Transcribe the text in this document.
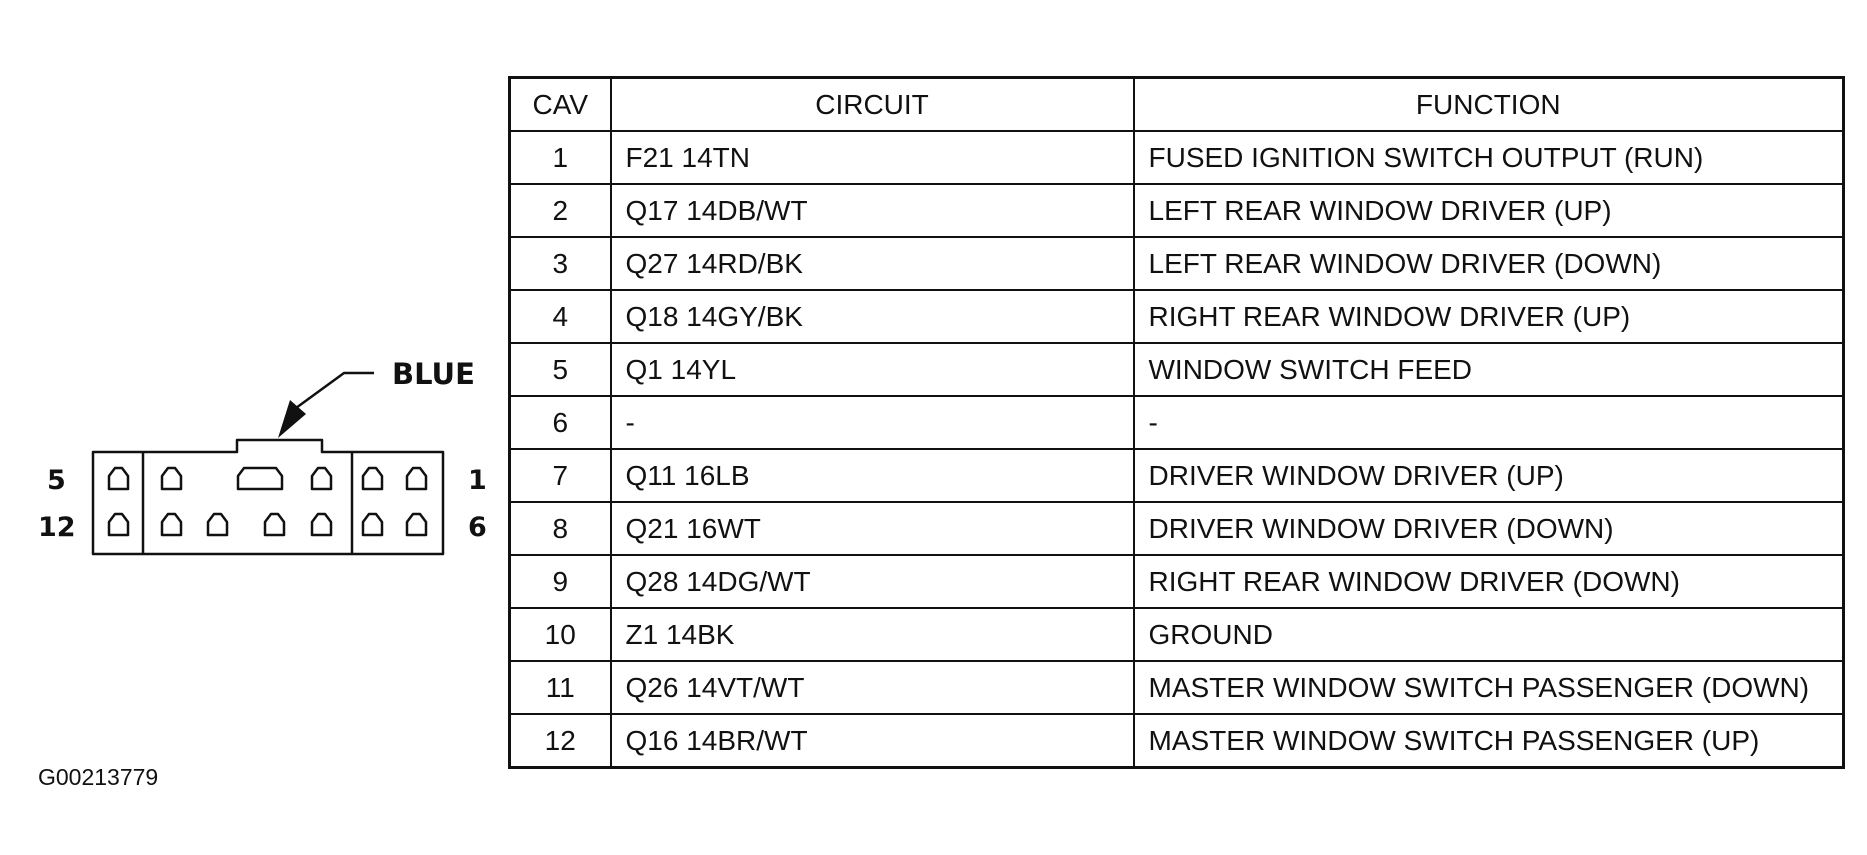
BLUE
5
12
1
6
CAV	CIRCUIT	FUNCTION
1	F21 14TN	FUSED IGNITION SWITCH OUTPUT (RUN)
2	Q17 14DB/WT	LEFT REAR WINDOW DRIVER (UP)
3	Q27 14RD/BK	LEFT REAR WINDOW DRIVER (DOWN)
4	Q18 14GY/BK	RIGHT REAR WINDOW DRIVER (UP)
5	Q1 14YL	WINDOW SWITCH FEED
6	-	-
7	Q11 16LB	DRIVER WINDOW DRIVER (UP)
8	Q21 16WT	DRIVER WINDOW DRIVER (DOWN)
9	Q28 14DG/WT	RIGHT REAR WINDOW DRIVER (DOWN)
10	Z1 14BK	GROUND
11	Q26 14VT/WT	MASTER WINDOW SWITCH PASSENGER (DOWN)
12	Q16 14BR/WT	MASTER WINDOW SWITCH PASSENGER (UP)
G00213779
